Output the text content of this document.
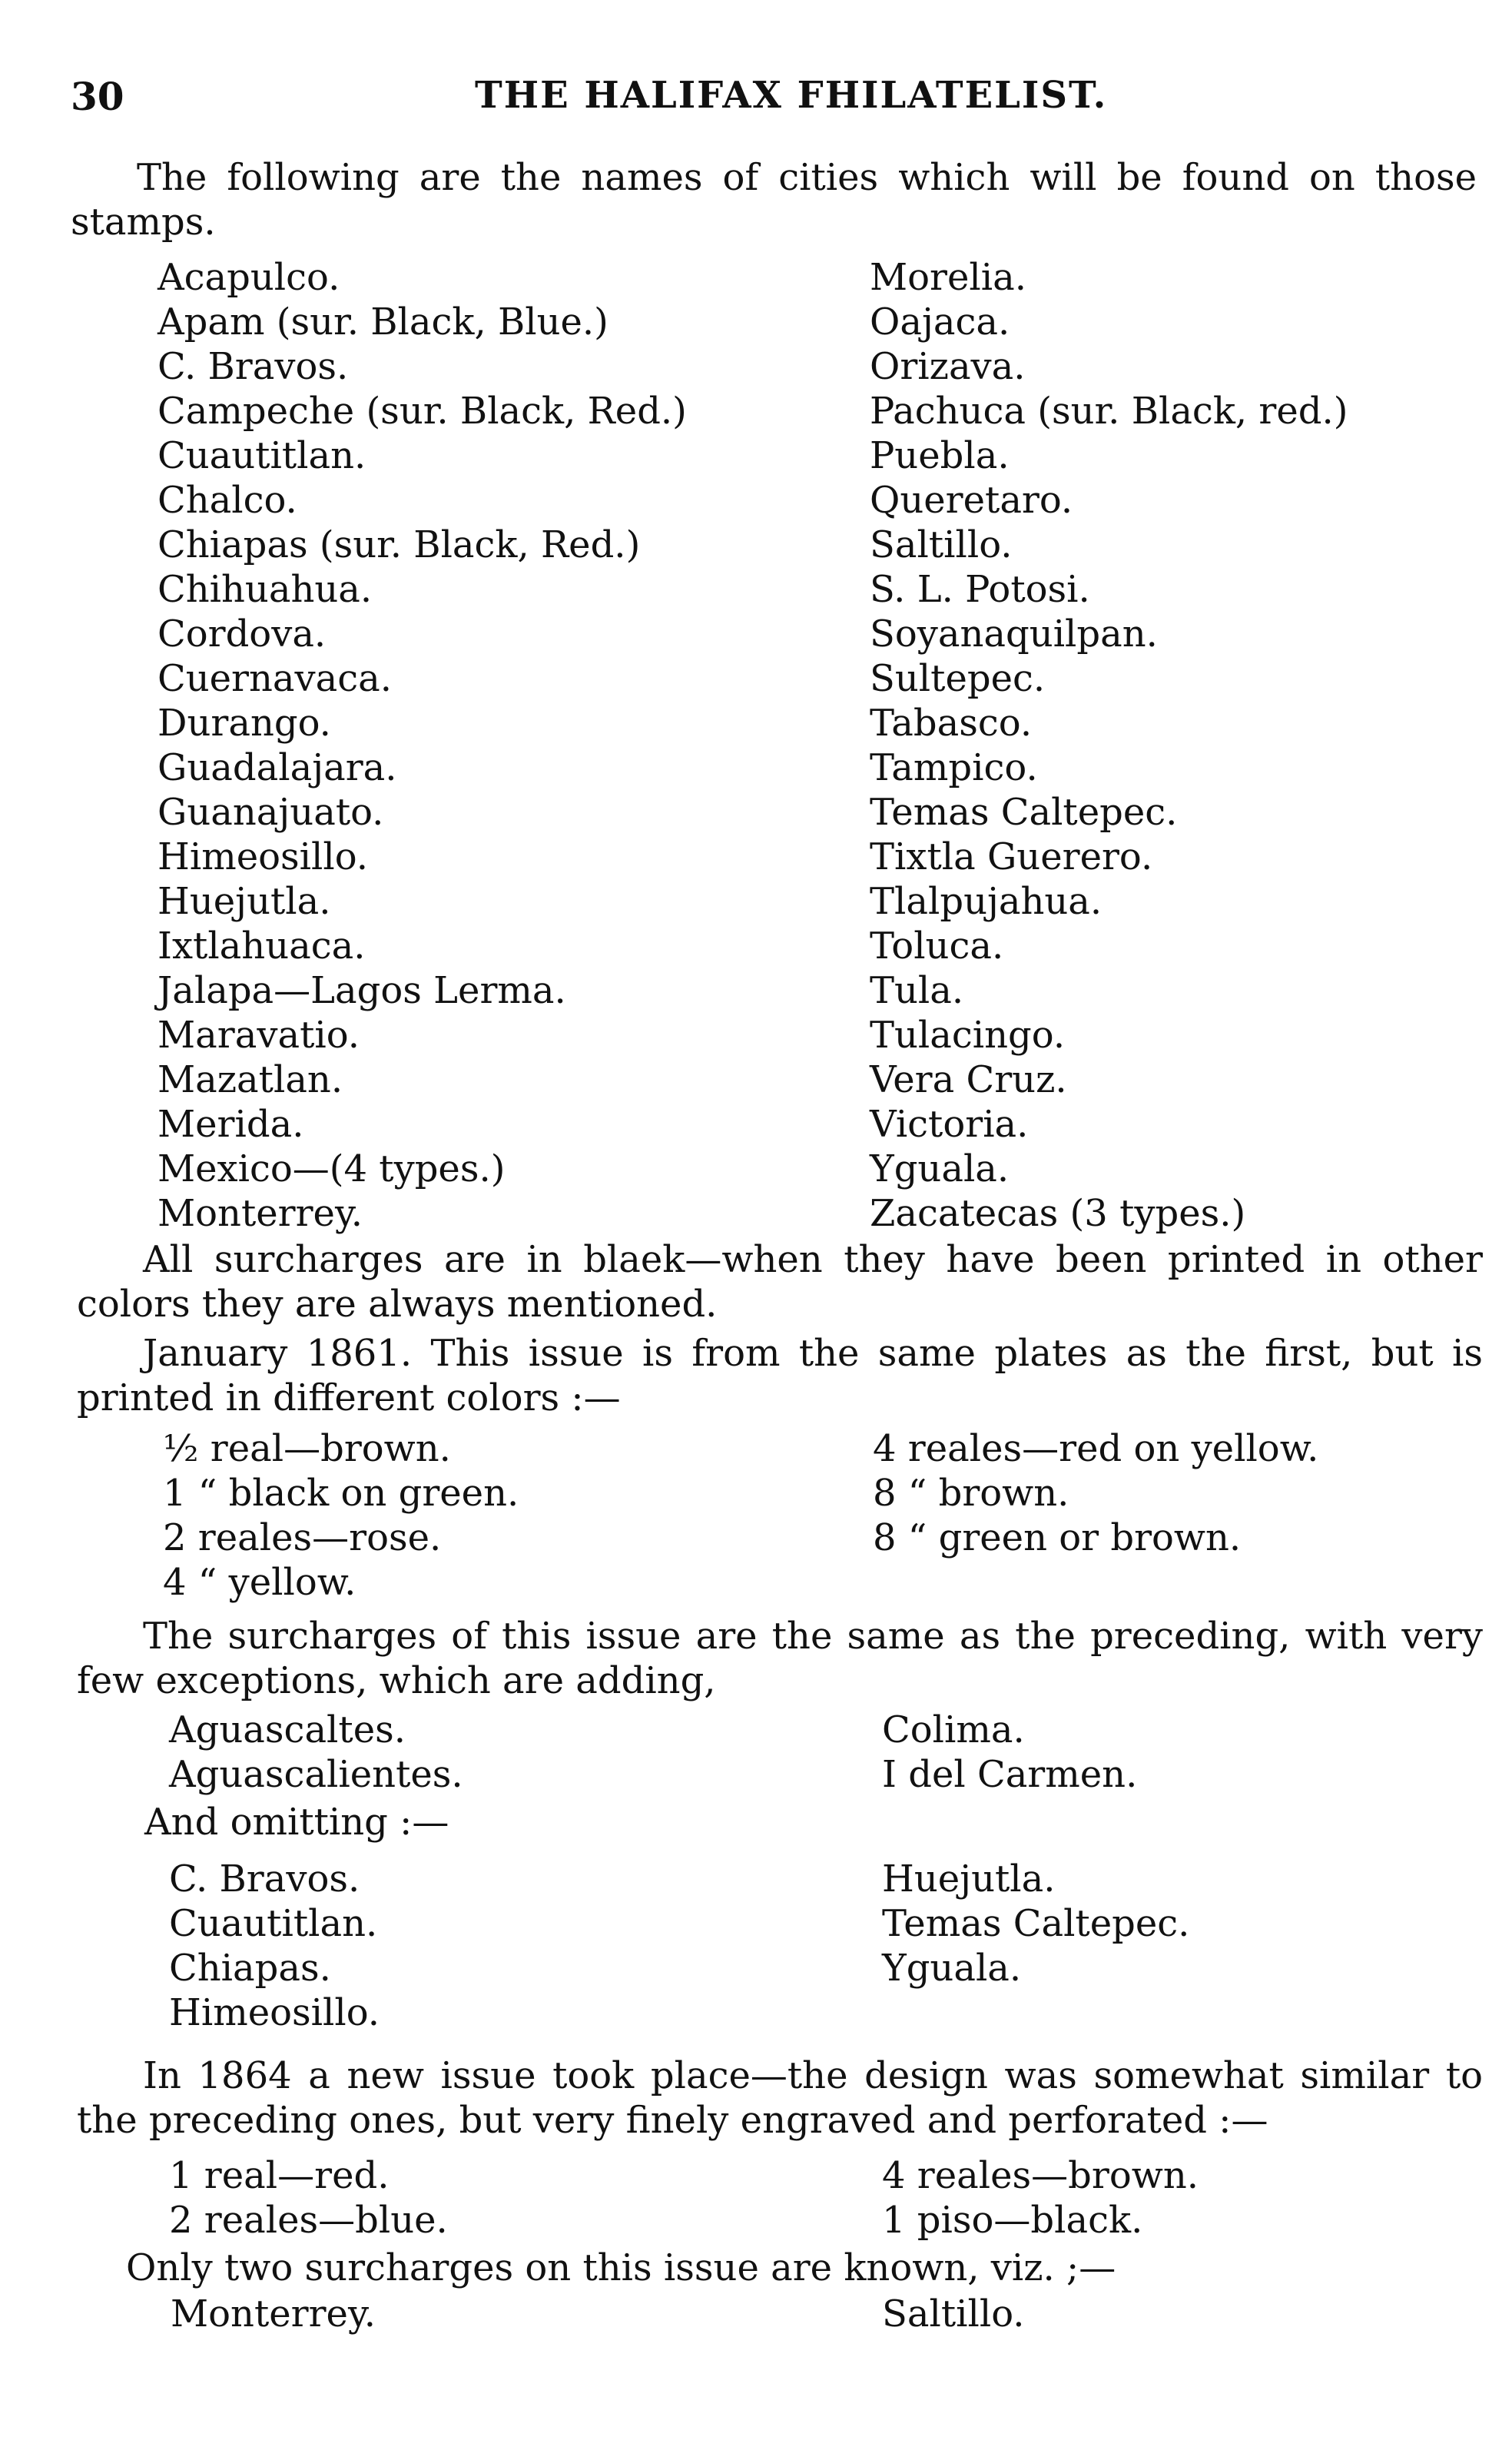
30	THE HALIFAX FHILATELIST.
The following are the names of cities which will be found on those stamps.
Acapulco.
Apam (sur. Black, Blue.)
C. Bravos.
Campeche (sur. Black, Red.)
Cuautitlan.
Chalco.
Chiapas (sur. Black, Red.)
Chihuahua.
Cordova.
Cuernavaca.
Durango.
Guadalajara.
Guanajuato.
Himeosillo.
Huejutla.
Ixtlahuaca.
Jalapa—Lagos Lerma.
Maravatio.
Mazatlan.
Merida.
Mexico—(4 types.)
Monterrey.
Morelia.
Oajaca.
Orizava.
Pachuca (sur. Black, red.)
Puebla.
Queretaro.
Saltillo.
S. L. Potosi.
Soyanaquilpan.
Sultepec.
Tabasco.
Tampico.
Temas Caltepec.
Tixtla Guerero.
Tlalpujahua.
Toluca.
Tula.
Tulacingo.
Vera Cruz.
Victoria.
Yguala.
Zacatecas (3 types.)
All surcharges are in blaek—when they have been printed in other colors they are always mentioned.
January 1861. This issue is from the same plates as the first, but is printed in different colors :—
½ real—brown.
1 “ black on green.
2 reales—rose.
4 “ yellow.
4 reales—red on yellow.
8 “ brown.
8 “ green or brown.
The surcharges of this issue are the same as the preceding, with very few exceptions, which are adding,
Aguascaltes.
Aguascalientes.
Colima.
I del Carmen.
And omitting :—
C. Bravos.
Cuautitlan.
Chiapas.
Himeosillo.
Huejutla.
Temas Caltepec.
Yguala.
In 1864 a new issue took place—the design was somewhat similar to the preceding ones, but very finely engraved and perforated :—
1 real—red.
2 reales—blue.
4 reales—brown.
1 piso—black.
Only two surcharges on this issue are known, viz. ;—
Monterrey.	Saltillo.
